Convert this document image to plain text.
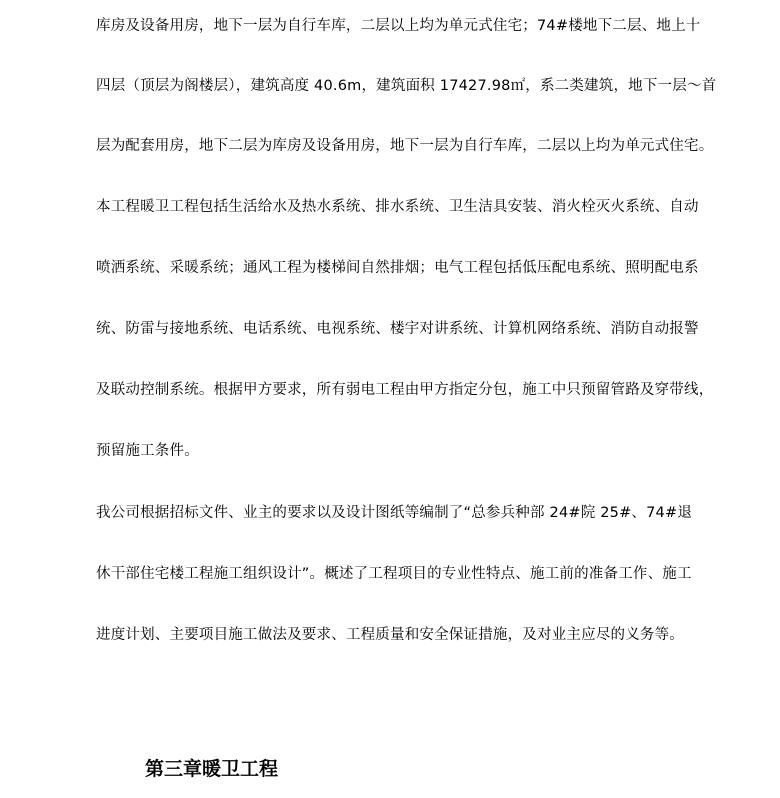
库房及设备用房，地下一层为自行车库，二层以上均为单元式住宅；74#楼地下二层、地上十
四层（顶层为阁楼层），建筑高度 40.6m，建筑面积 17427.98㎡，系二类建筑，地下一层～首
层为配套用房，地下二层为库房及设备用房，地下一层为自行车库，二层以上均为单元式住宅。
本工程暖卫工程包括生活给水及热水系统、排水系统、卫生洁具安装、消火栓灭火系统、自动
喷洒系统、采暖系统；通风工程为楼梯间自然排烟；电气工程包括低压配电系统、照明配电系
统、防雷与接地系统、电话系统、电视系统、楼宇对讲系统、计算机网络系统、消防自动报警
及联动控制系统。根据甲方要求，所有弱电工程由甲方指定分包，施工中只预留管路及穿带线，
预留施工条件。
我公司根据招标文件、业主的要求以及设计图纸等编制了“总参兵种部 24#院 25#、74#退
休干部住宅楼工程施工组织设计”。概述了工程项目的专业性特点、施工前的准备工作、施工
进度计划、主要项目施工做法及要求、工程质量和安全保证措施，及对业主应尽的义务等。
第三章暖卫工程
